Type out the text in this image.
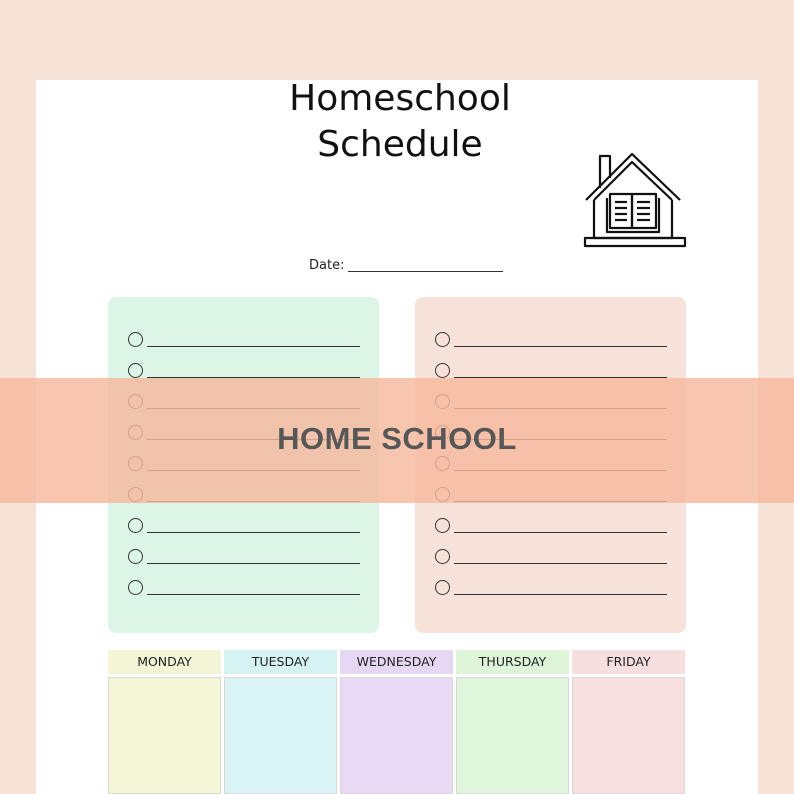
Homeschool
Schedule
Date:
HOME SCHOOL
MONDAY	TUESDAY	WEDNESDAY	THURSDAY	FRIDAY
